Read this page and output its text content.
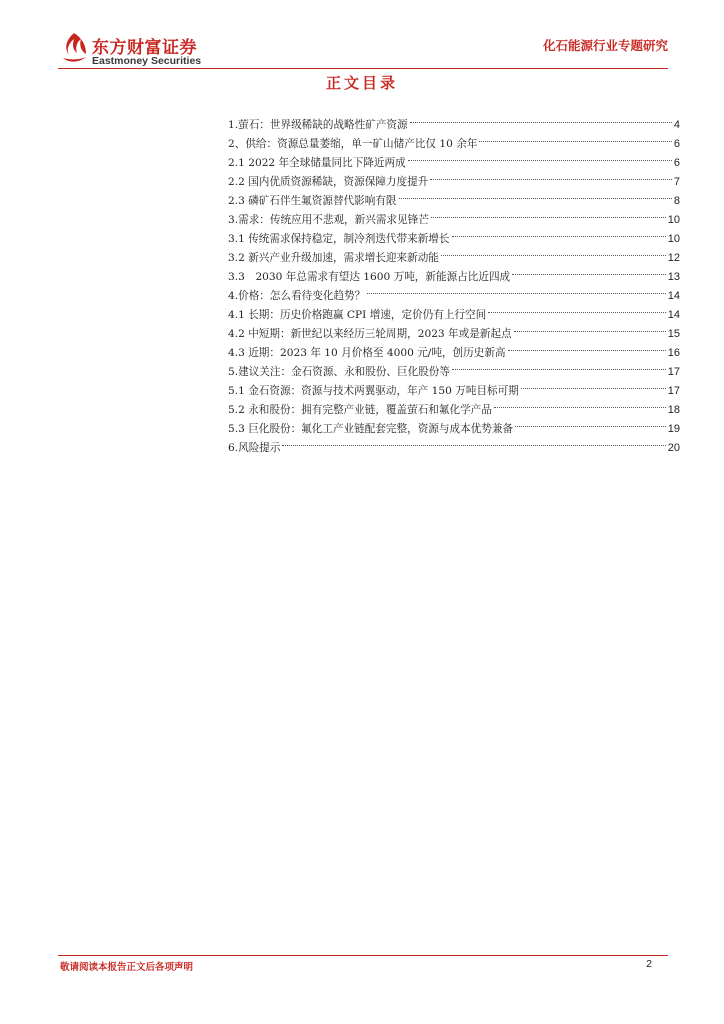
东方财富证券
Eastmoney Securities
化石能源行业专题研究
正文目录
1.萤石：世界级稀缺的战略性矿产资源	4
2、供给：资源总量萎缩，单一矿山储产比仅 10 余年	6
2.1 2022 年全球储量同比下降近两成	6
2.2 国内优质资源稀缺，资源保障力度提升	7
2.3 磷矿石伴生氟资源替代影响有限	8
3.需求：传统应用不悲观，新兴需求见锋芒	10
3.1 传统需求保持稳定，制冷剂迭代带来新增长	10
3.2 新兴产业升级加速，需求增长迎来新动能	12
3.3　2030 年总需求有望达 1600 万吨，新能源占比近四成	13
4.价格：怎么看待变化趋势？	14
4.1 长期：历史价格跑赢 CPI 增速，定价仍有上行空间	14
4.2 中短期：新世纪以来经历三轮周期，2023 年或是新起点	15
4.3 近期：2023 年 10 月价格至 4000 元/吨，创历史新高	16
5.建议关注：金石资源、永和股份、巨化股份等	17
5.1 金石资源：资源与技术两翼驱动，年产 150 万吨目标可期	17
5.2 永和股份：拥有完整产业链，覆盖萤石和氟化学产品	18
5.3 巨化股份：氟化工产业链配套完整，资源与成本优势兼备	19
6.风险提示	20
敬请阅读本报告正文后各项声明	2
